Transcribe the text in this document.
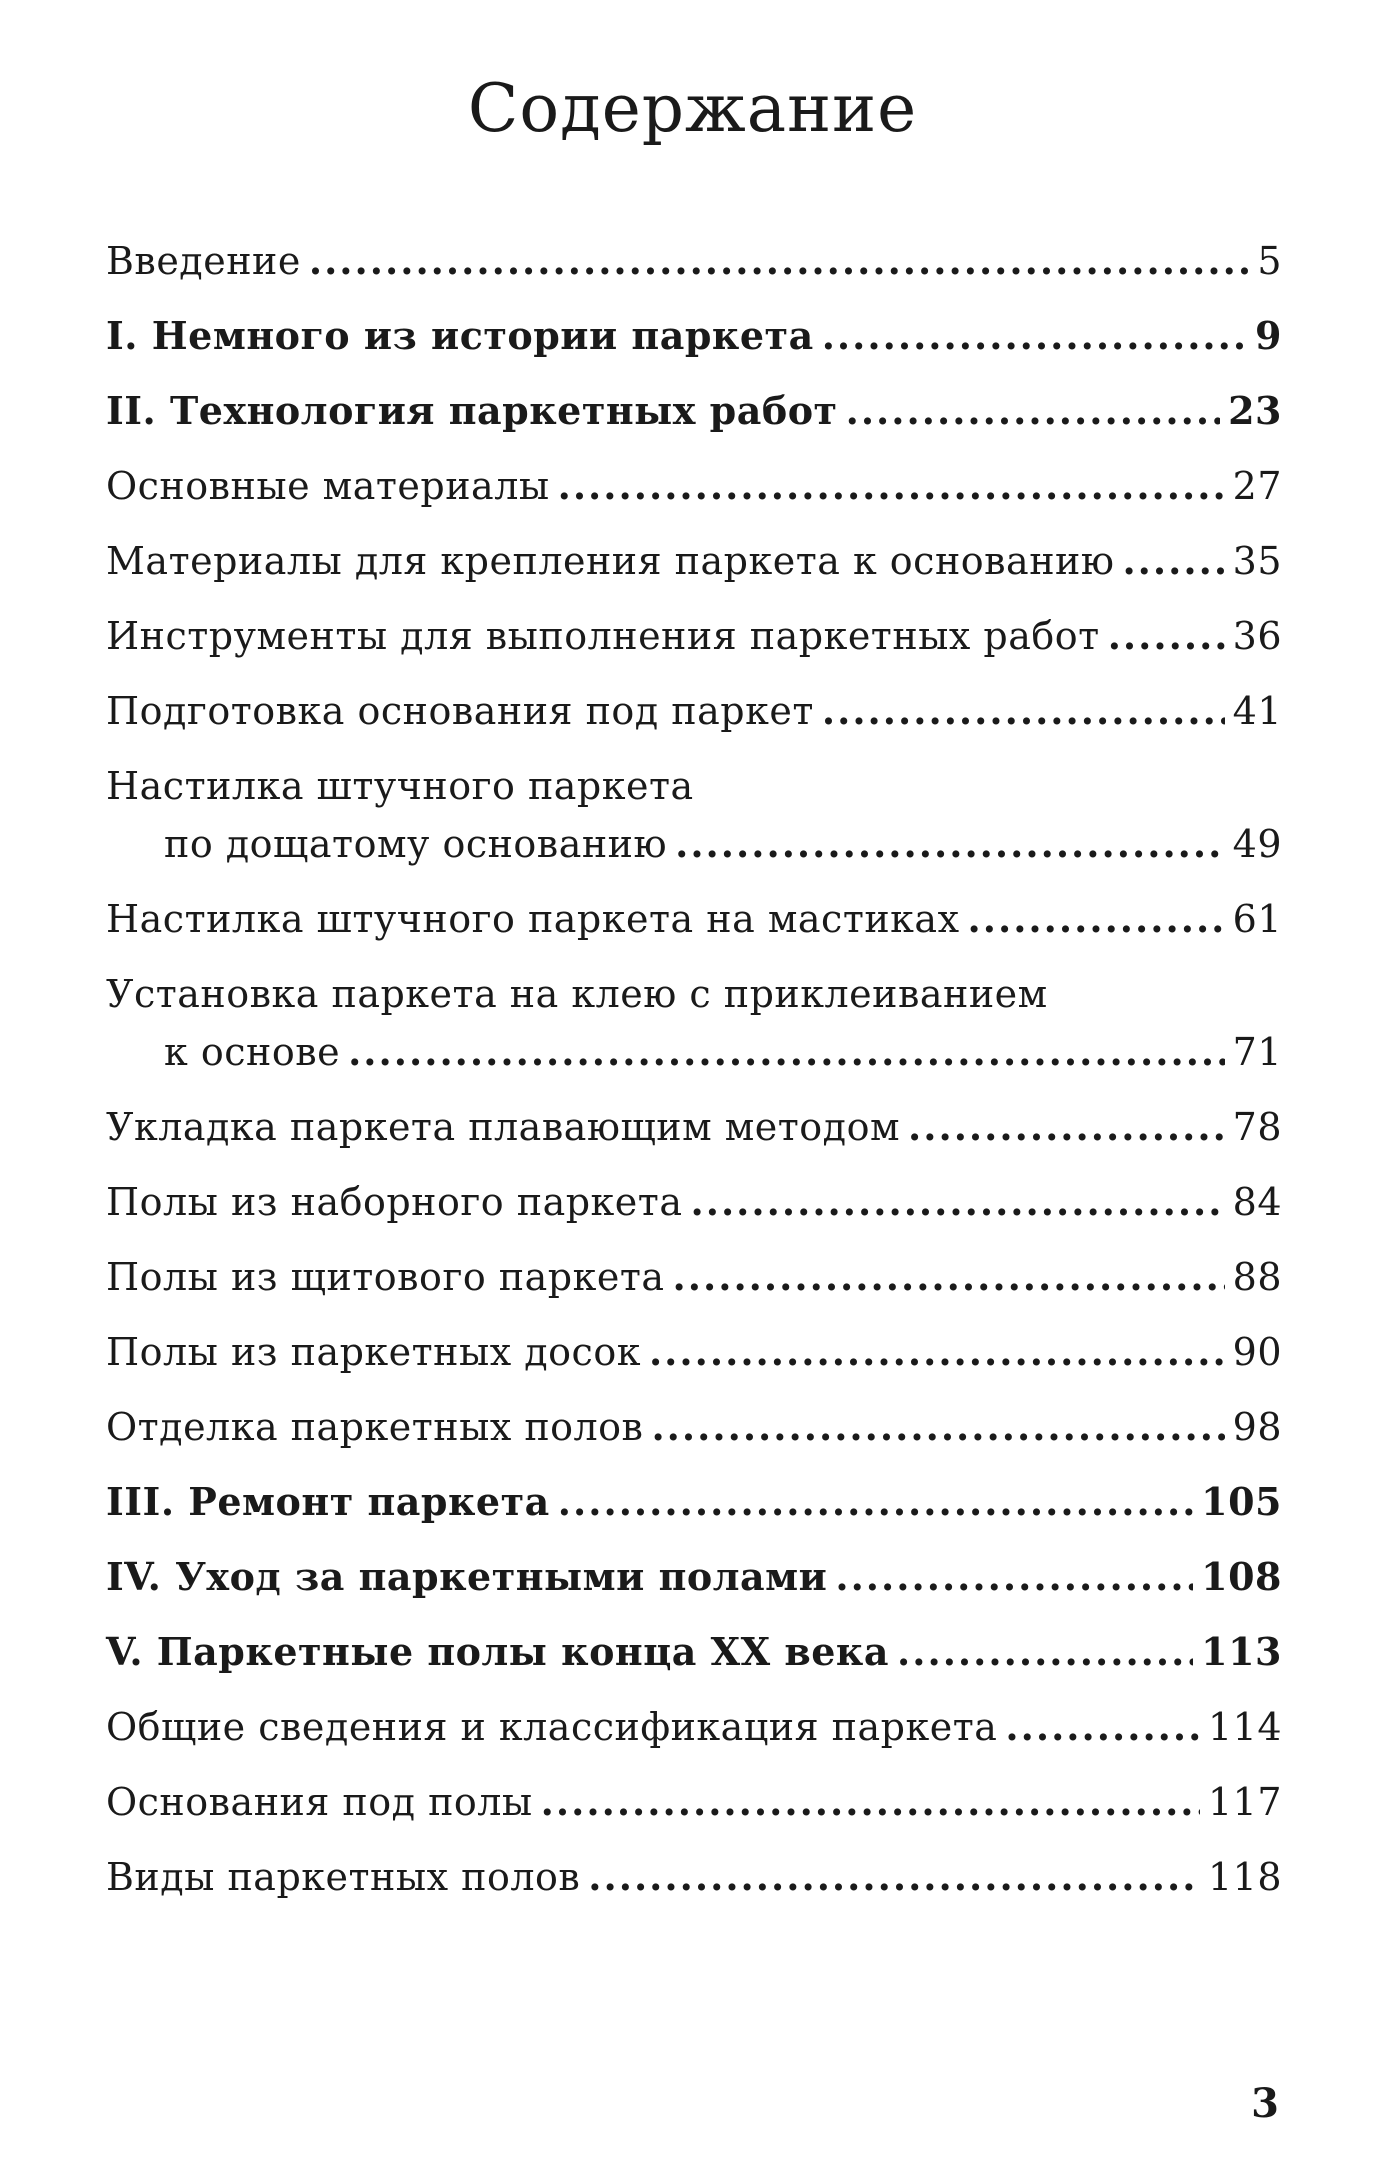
Содержание
Введение .....	5
I. Немного из истории паркета .....	9
II. Технология паркетных работ .....	23
Основные материалы .....	27
Материалы для крепления паркета к основанию .....	35
Инструменты для выполнения паркетных работ .....	36
Подготовка основания под паркет .....	41
Настилка штучного паркета
по дощатому основанию .....	49
Настилка штучного паркета на мастиках .....	61
Установка паркета на клею с приклеиванием
к основе .....	71
Укладка паркета плавающим методом .....	78
Полы из наборного паркета .....	84
Полы из щитового паркета .....	88
Полы из паркетных досок .....	90
Отделка паркетных полов .....	98
III. Ремонт паркета .....	105
IV. Уход за паркетными полами .....	108
V. Паркетные полы конца XX века .....	113
Общие сведения и классификация паркета .....	114
Основания под полы .....	117
Виды паркетных полов .....	118
3
